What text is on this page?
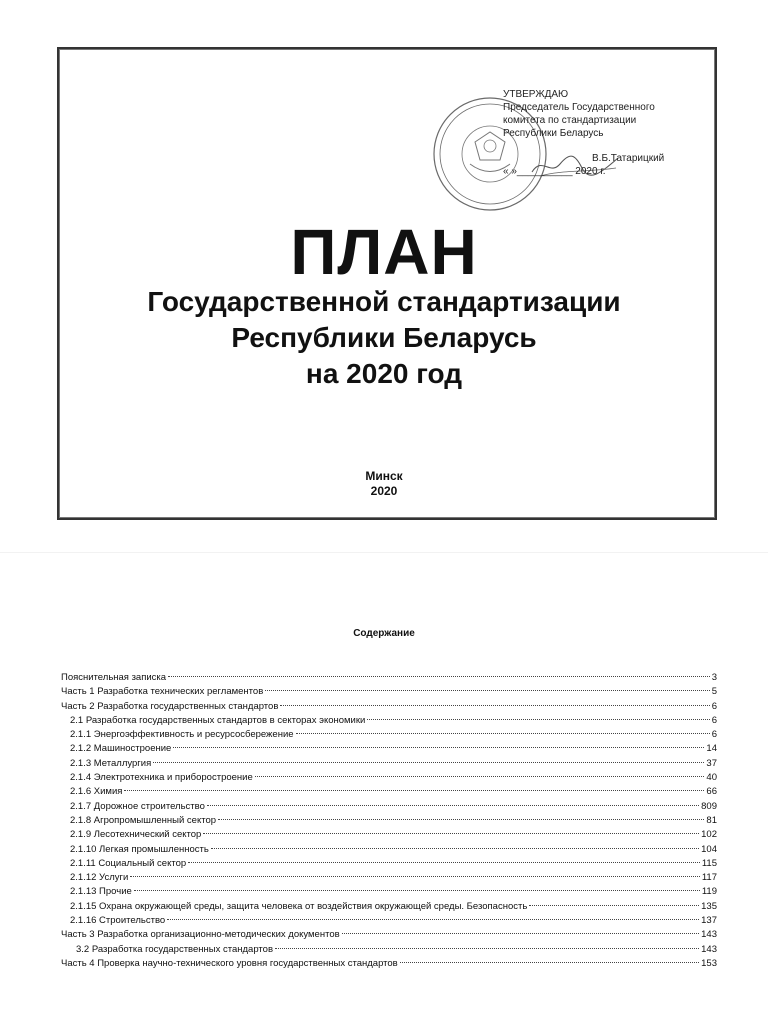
УТВЕРЖДАЮ
Председатель Государственного
комитета по стандартизации
Республики Беларусь
В.Б.Татарицкий
« »__________ 2020 г.
ПЛАН
Государственной стандартизации
Республики Беларусь
на 2020 год
Минск
2020
Содержание
Пояснительная записка	3
Часть 1 Разработка технических регламентов	5
Часть 2 Разработка государственных стандартов	6
2.1 Разработка государственных стандартов в секторах экономики	6
2.1.1 Энергоэффективность и ресурсосбережение	6
2.1.2 Машиностроение	14
2.1.3 Металлургия	37
2.1.4 Электротехника и приборостроение	40
2.1.6 Химия	66
2.1.7 Дорожное строительство	809
2.1.8 Агропромышленный сектор	81
2.1.9 Лесотехнический сектор	102
2.1.10 Легкая промышленность	104
2.1.11 Социальный сектор	115
2.1.12 Услуги	117
2.1.13 Прочие	119
2.1.15 Охрана окружающей среды, защита человека от воздействия окружающей среды. Безопасность	135
2.1.16 Строительство	137
Часть 3 Разработка организационно-методических документов	143
3.2 Разработка государственных стандартов	143
Часть 4 Проверка научно-технического уровня государственных стандартов	153
